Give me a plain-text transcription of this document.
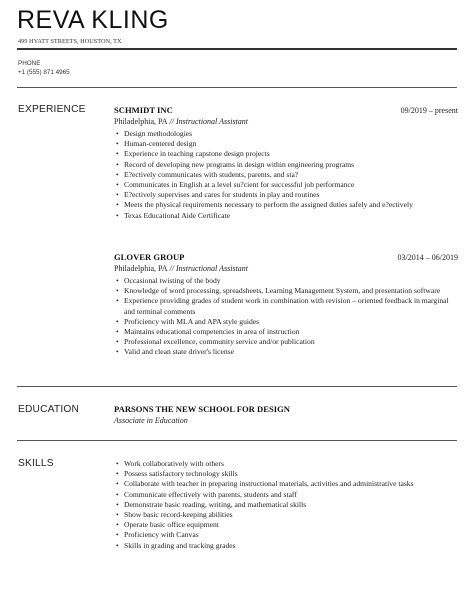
REVA KLING
499 HYATT STREETS, HOUSTON, TX
PHONE
+1 (555) 871 4965
EXPERIENCE	SCHMIDT INC	09/2019 – present
Philadelphia, PA // Instructional Assistant
• Design methodologies
• Human-centered design
• Experience in teaching capstone design projects
• Record of developing new programs in design within engineering programs
• E?ectively communicates with students, parents, and sta?
• Communicates in English at a level su?cient for successful job performance
• E?ectively supervises and cares for students in play and routines
• Meets the physical requirements necessary to perform the assigned duties safely and e?ectively
• Texas Educational Aide Certificate
GLOVER GROUP	03/2014 – 06/2019
Philadelphia, PA // Instructional Assistant
• Occasional twisting of the body
• Knowledge of word processing, spreadsheets, Learning Management System, and presentation software
• Experience providing grades of student work in combination with revision – oriented feedback in marginal and terminal comments
• Proficiency with MLA and APA style guides
• Maintains educational competencies in area of instruction
• Professional excellence, community service and/or publication
• Valid and clean state driver's license
EDUCATION	PARSONS THE NEW SCHOOL FOR DESIGN
Associate in Education
SKILLS
•	Work collaboratively with others
• Possess satisfactory technology skills
• Collaborate with teacher in preparing instructional materials, activities and administrative tasks
• Communicate effectively with parents, students and staff
• Demonstrate basic reading, writing, and mathematical skills
• Show basic record-keeping abilities
• Operate basic office equipment
• Proficiency with Canvas
• Skills in grading and tracking grades
